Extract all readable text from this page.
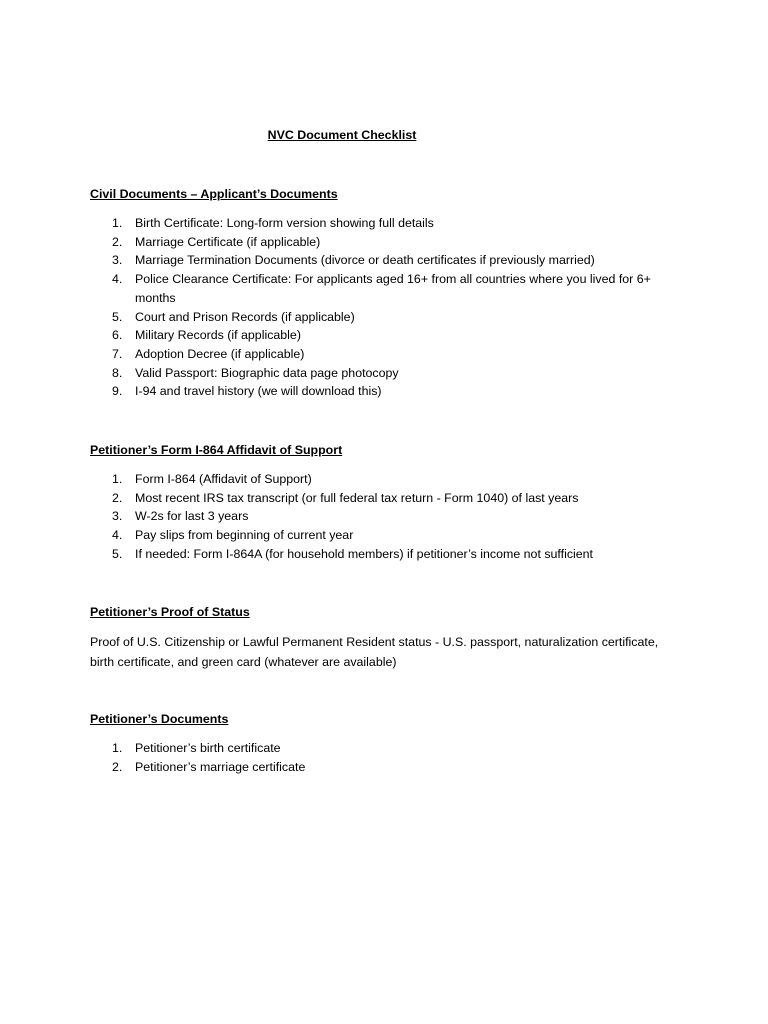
NVC Document Checklist
Civil Documents – Applicant’s Documents
1. Birth Certificate: Long-form version showing full details
2. Marriage Certificate (if applicable)
3. Marriage Termination Documents (divorce or death certificates if previously married)
4. Police Clearance Certificate: For applicants aged 16+ from all countries where you lived for 6+ months
5. Court and Prison Records (if applicable)
6. Military Records (if applicable)
7. Adoption Decree (if applicable)
8. Valid Passport: Biographic data page photocopy
9. I-94 and travel history (we will download this)
Petitioner’s Form I-864 Affidavit of Support
1. Form I-864 (Affidavit of Support)
2. Most recent IRS tax transcript (or full federal tax return - Form 1040) of last years
3. W-2s for last 3 years
4. Pay slips from beginning of current year
5. If needed: Form I-864A (for household members) if petitioner’s income not sufficient
Petitioner’s Proof of Status

Proof of U.S. Citizenship or Lawful Permanent Resident status - U.S. passport, naturalization certificate, birth certificate, and green card (whatever are available)

Petitioner’s Documents
1. Petitioner’s birth certificate
2. Petitioner’s marriage certificate
